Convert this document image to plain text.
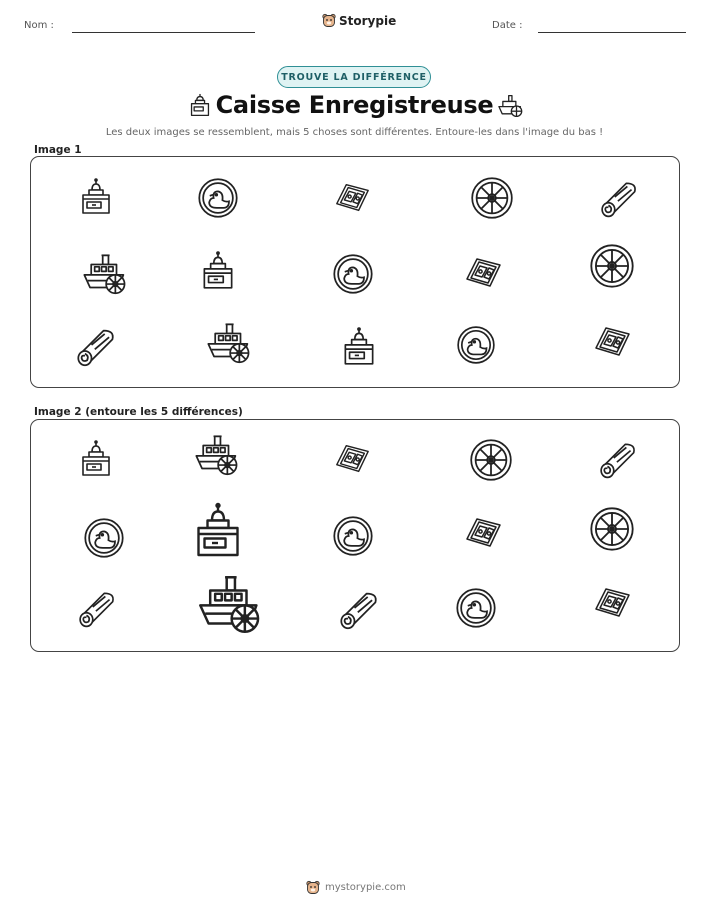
Nom :	Storypie	Date :
TROUVE LA DIFFÉRENCE
Caisse Enregistreuse
Les deux images se ressemblent, mais 5 choses sont différentes. Entoure-les dans l'image du bas !
Image 1
Image 2 (entoure les 5 différences)
mystorypie.com
